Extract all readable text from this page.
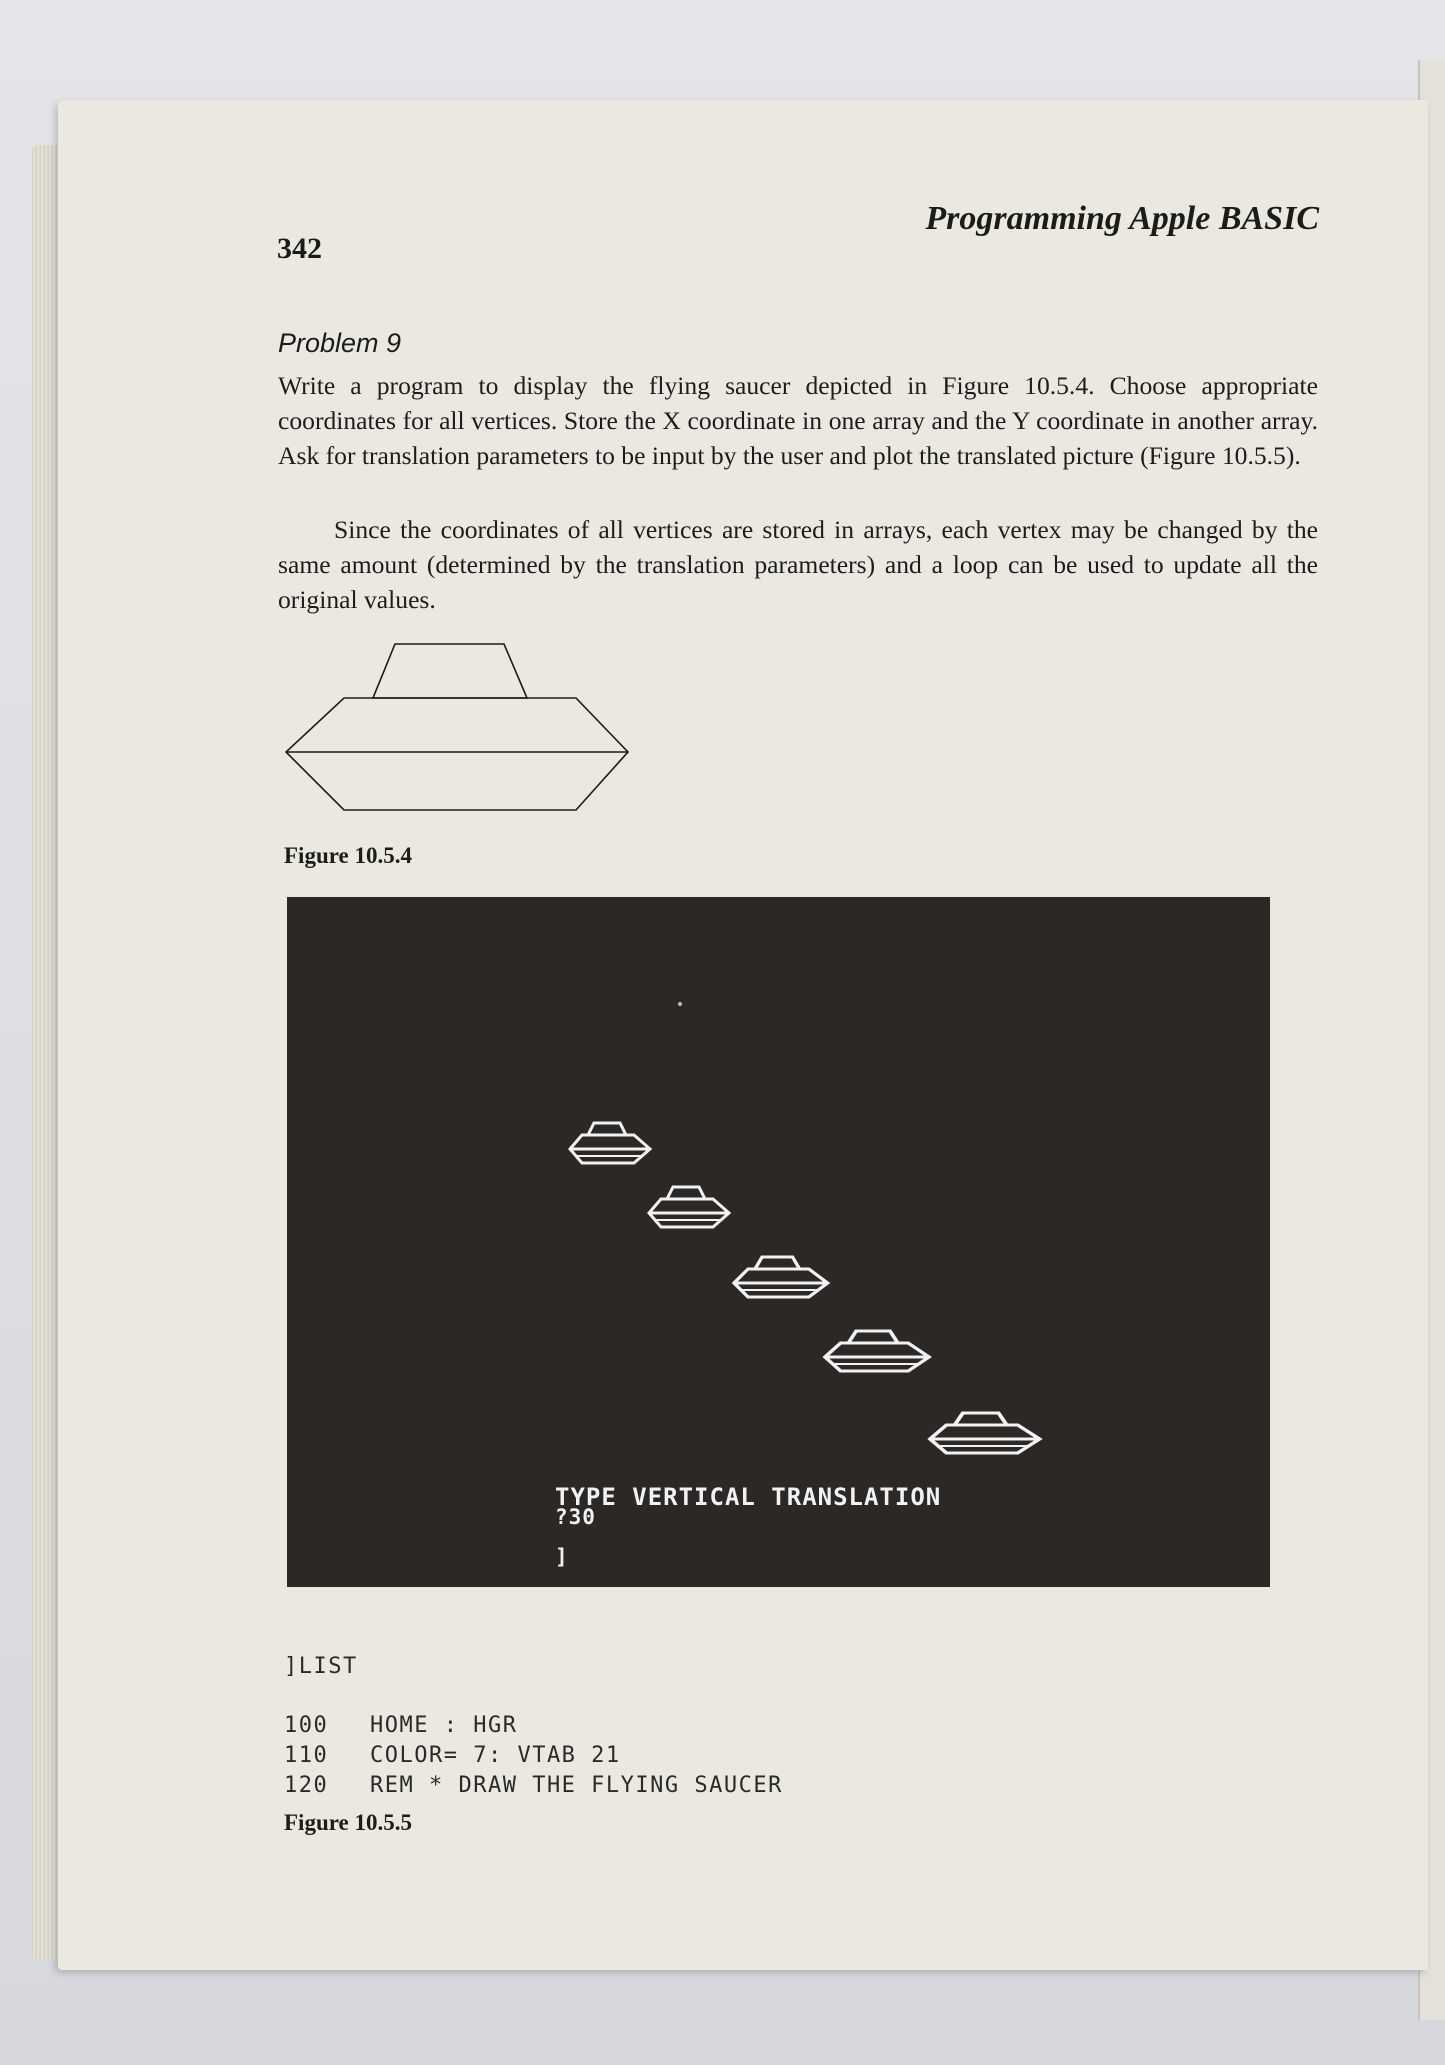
342
Programming Apple BASIC
Problem 9

Write a program to display the flying saucer depicted in Figure 10.5.4. Choose appropriate coordinates for all vertices. Store the X coordinate in one array and the Y coordinate in another array. Ask for translation parameters to be input by the user and plot the translated picture (Figure 10.5.5).

Since the coordinates of all vertices are stored in arrays, each vertex may be changed by the same amount (determined by the translation parameters) and a loop can be used to update all the original values.

Figure 10.5.4
TYPE VERTICAL TRANSLATION
?30
]
]LIST
100 HOME : HGR
110 COLOR= 7: VTAB 21
120 REM * DRAW THE FLYING SAUCER
Figure 10.5.5
